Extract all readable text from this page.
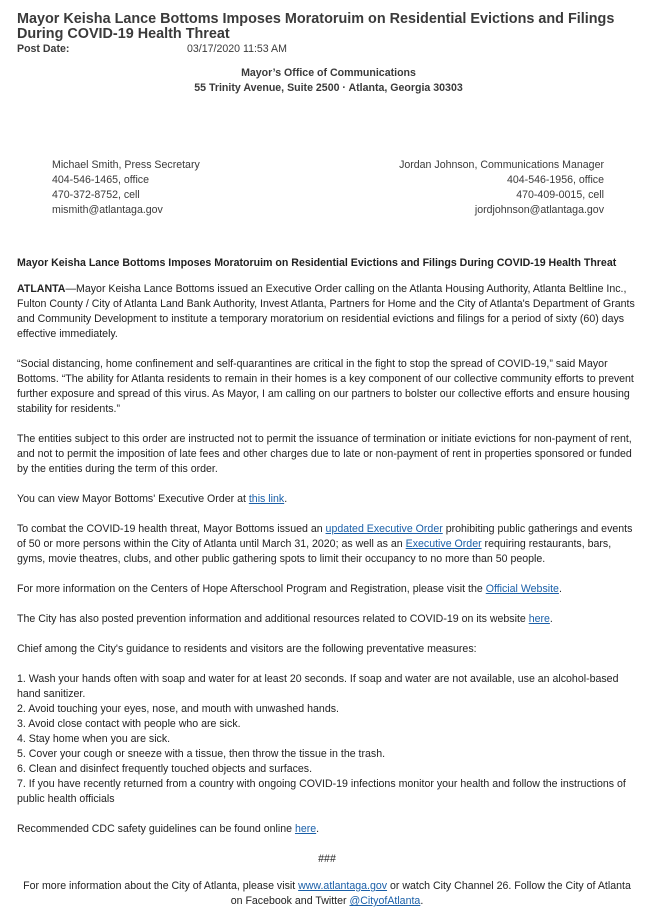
Mayor Keisha Lance Bottoms Imposes Moratoruim on Residential Evictions and Filings During COVID-19 Health Threat
Post Date:	03/17/2020 11:53 AM
Mayor’s Office of Communications
55 Trinity Avenue, Suite 2500 · Atlanta, Georgia 30303
Michael Smith, Press Secretary
404-546-1465, office
470-372-8752, cell
mismith@atlantaga.gov
Jordan Johnson, Communications Manager
404-546-1956, office
470-409-0015, cell
jordjohnson@atlantaga.gov
Mayor Keisha Lance Bottoms Imposes Moratoruim on Residential Evictions and Filings During COVID-19 Health Threat

ATLANTA—Mayor Keisha Lance Bottoms issued an Executive Order calling on the Atlanta Housing Authority, Atlanta Beltline Inc., Fulton County / City of Atlanta Land Bank Authority, Invest Atlanta, Partners for Home and the City of Atlanta's Department of Grants and Community Development to institute a temporary moratorium on residential evictions and filings for a period of sixty (60) days effective immediately.

“Social distancing, home confinement and self-quarantines are critical in the fight to stop the spread of COVID-19,” said Mayor Bottoms. “The ability for Atlanta residents to remain in their homes is a key component of our collective community efforts to prevent further exposure and spread of this virus. As Mayor, I am calling on our partners to bolster our collective efforts and ensure housing stability for residents.”

The entities subject to this order are instructed not to permit the issuance of termination or initiate evictions for non-payment of rent, and not to permit the imposition of late fees and other charges due to late or non-payment of rent in properties sponsored or funded by the entities during the term of this order.

You can view Mayor Bottoms' Executive Order at this link.

To combat the COVID-19 health threat, Mayor Bottoms issued an updated Executive Order prohibiting public gatherings and events of 50 or more persons within the City of Atlanta until March 31, 2020; as well as an Executive Order requiring restaurants, bars, gyms, movie theatres, clubs, and other public gathering spots to limit their occupancy to no more than 50 people.

For more information on the Centers of Hope Afterschool Program and Registration, please visit the Official Website.

The City has also posted prevention information and additional resources related to COVID-19 on its website here.

Chief among the City's guidance to residents and visitors are the following preventative measures:

1. Wash your hands often with soap and water for at least 20 seconds. If soap and water are not available, use an alcohol-based hand sanitizer.
2. Avoid touching your eyes, nose, and mouth with unwashed hands.
3. Avoid close contact with people who are sick.
4. Stay home when you are sick.
5. Cover your cough or sneeze with a tissue, then throw the tissue in the trash.
6. Clean and disinfect frequently touched objects and surfaces.
7. If you have recently returned from a country with ongoing COVID-19 infections monitor your health and follow the instructions of public health officials

Recommended CDC safety guidelines can be found online here.

###
For more information about the City of Atlanta, please visit www.atlantaga.gov or watch City Channel 26. Follow the City of Atlanta on Facebook and Twitter @CityofAtlanta.
